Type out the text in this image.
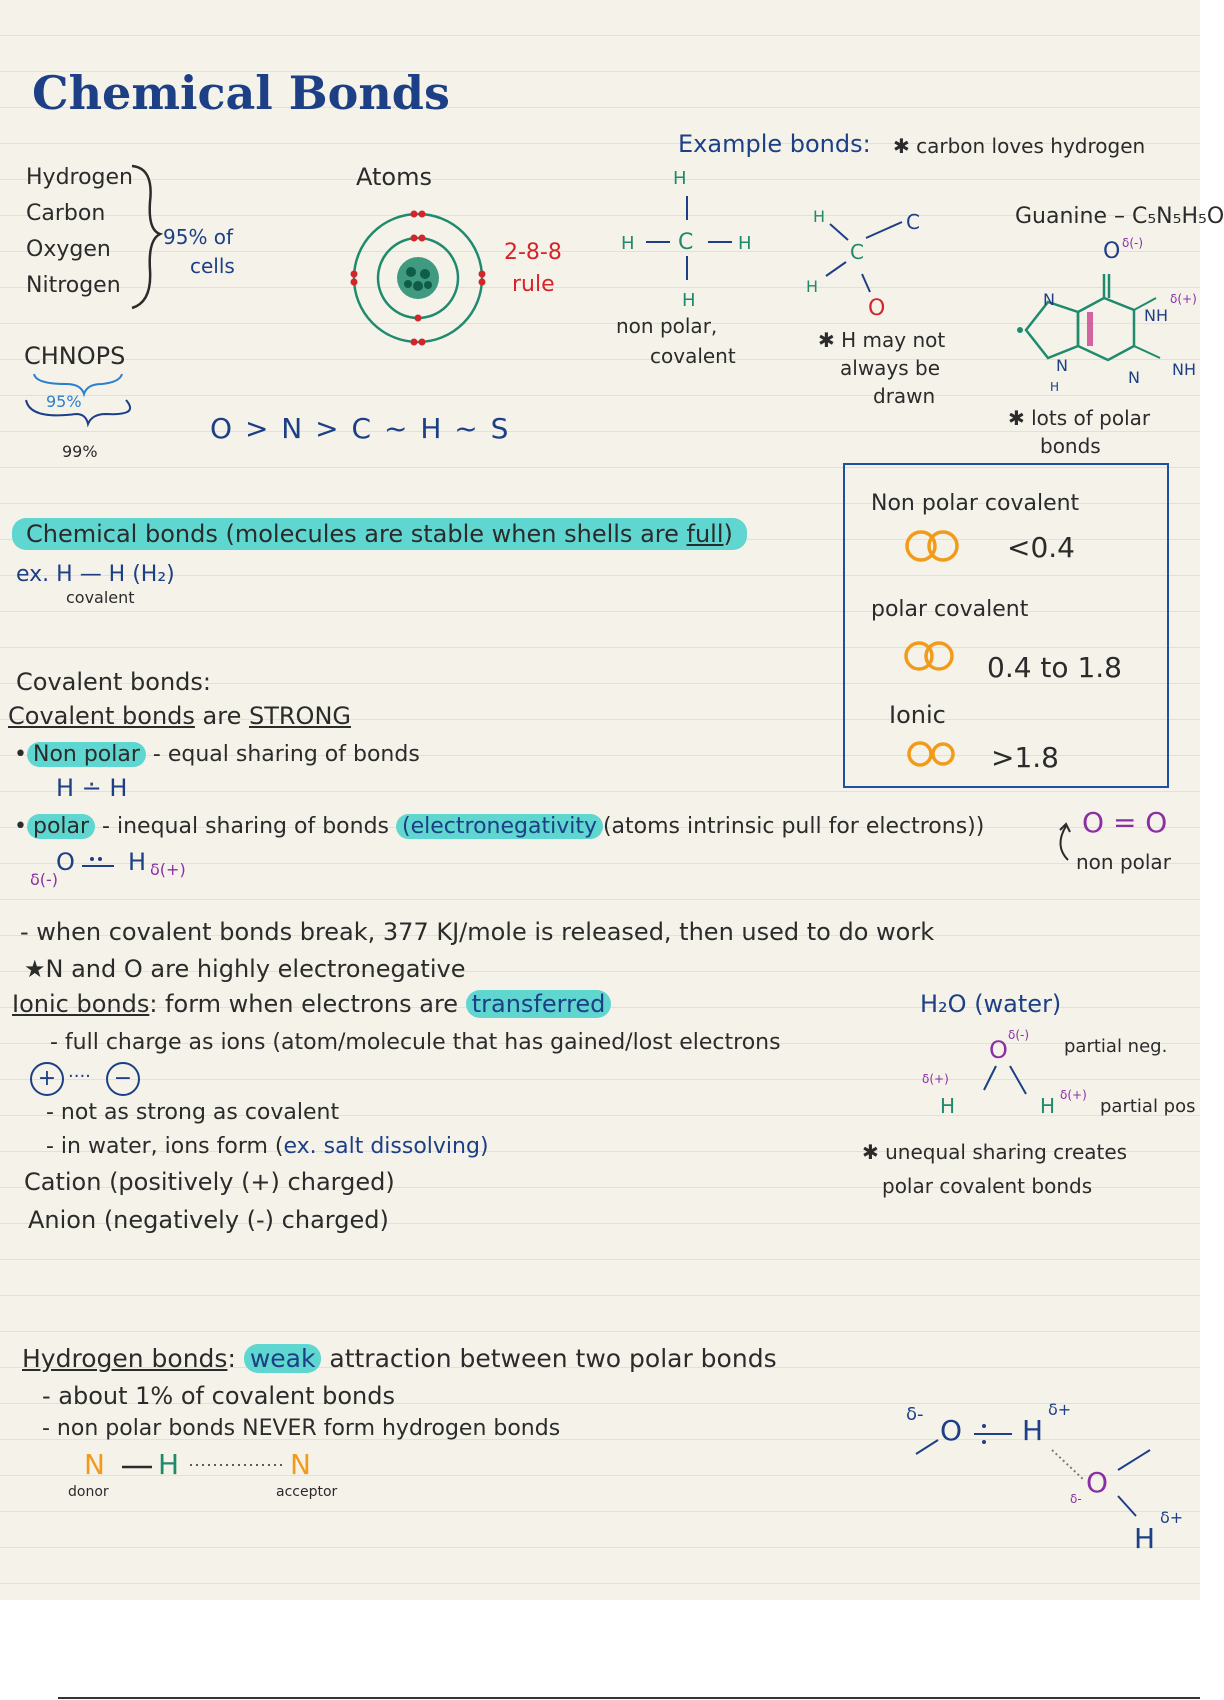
Chemical Bonds
Hydrogen
Carbon
Oxygen
Nitrogen
95% of
cells
CHNOPS
95%
99%
O > N > C ~ H ~ S
Atoms
2-8-8
rule
Example bonds: ✱ carbon loves hydrogen
H
H C H
H
non polar,
covalent
H	C
C
H
O
✱ H may not
always be
drawn
Guanine – C₅N₅H₅O
O δ(-)
N
N
N
H
NH
δ(+)
NH
✱ lots of polar
bonds
Non polar covalent
<0.4
polar covalent
0.4 to 1.8
Ionic
>1.8
Chemical bonds (molecules are stable when shells are full)
ex. H — H (H₂)
covalent
Covalent bonds:
Covalent bonds are STRONG
• Non polar - equal sharing of bonds
H ∸ H
• polar - inequal sharing of bonds (electronegativity (atoms intrinsic pull for electrons))	O = O
non polar
δ(-)
O H δ(+)
- when covalent bonds break, 377 KJ/mole is released, then used to do work
★N and O are highly electronegative
Ionic bonds: form when electrons are transferred
- full charge as ions (atom/molecule that has gained/lost electrons
+ ····	−
- not as strong as covalent
- in water, ions form (ex. salt dissolving)
Cation (positively (+) charged)
Anion (negatively (-) charged)
H₂O (water)
O
δ(-)
partial neg.
δ(+)
H	H δ(+)
partial pos
✱ unequal sharing creates
polar covalent bonds
Hydrogen bonds: weak attraction between two polar bonds
- about 1% of covalent bonds
- non polar bonds NEVER form hydrogen bonds
N H	N
donor	acceptor
δ- O H
δ+
O
δ-
H
δ+
